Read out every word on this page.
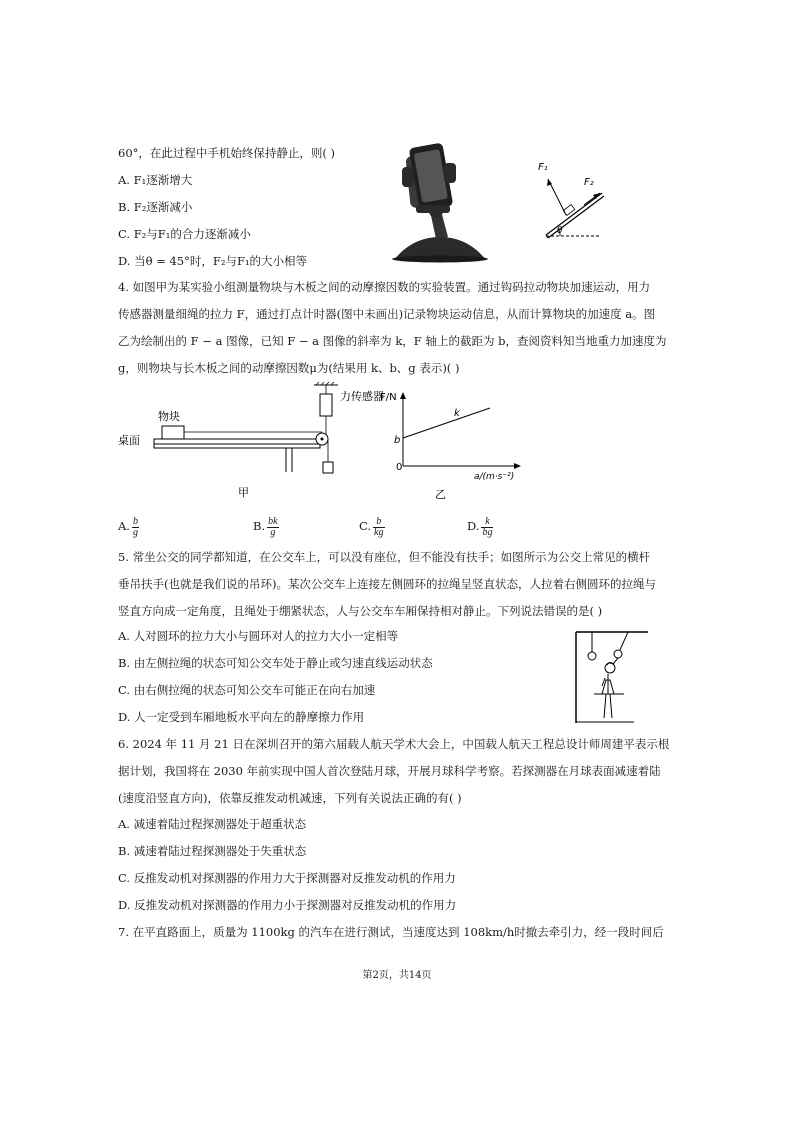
60°，在此过程中手机始终保持静止，则( )
A. F₁逐渐增大
B. F₂逐渐减小
C. F₂与F₁的合力逐渐减小
D. 当θ = 45°时，F₂与F₁的大小相等
F₁
F₂
θ
4. 如图甲为某实验小组测量物块与木板之间的动摩擦因数的实验装置。通过钩码拉动物块加速运动，用力
传感器测量细绳的拉力 F，通过打点计时器(图中未画出)记录物块运动信息，从而计算物块的加速度 a。图
乙为绘制出的 F − a 图像，已知 F − a 图像的斜率为 k，F 轴上的截距为 b，查阅资料知当地重力加速度为
g，则物块与长木板之间的动摩擦因数μ为(结果用 k、b、g 表示)( )
力传感器
物块
桌面
甲
F/N
k
b
0
a/(m·s⁻²)
乙
A. $\frac{b}{g}$	B. $\frac{bk}{g}$	C. $\frac{b}{kg}$	D. $\frac{k}{bg}$
5. 常坐公交的同学都知道，在公交车上，可以没有座位，但不能没有扶手；如图所示为公交上常见的横杆
垂吊扶手(也就是我们说的吊环)。某次公交车上连接左侧圆环的拉绳呈竖直状态，人拉着右侧圆环的拉绳与
竖直方向成一定角度，且绳处于绷紧状态，人与公交车车厢保持相对静止。下列说法错误的是( )
A. 人对圆环的拉力大小与圆环对人的拉力大小一定相等
B. 由左侧拉绳的状态可知公交车处于静止或匀速直线运动状态
C. 由右侧拉绳的状态可知公交车可能正在向右加速
D. 人一定受到车厢地板水平向左的静摩擦力作用
6. 2024 年 11 月 21 日在深圳召开的第六届载人航天学术大会上，中国载人航天工程总设计师周建平表示根
据计划，我国将在 2030 年前实现中国人首次登陆月球，开展月球科学考察。若探测器在月球表面减速着陆
(速度沿竖直方向)，依靠反推发动机减速，下列有关说法正确的有( )
A. 减速着陆过程探测器处于超重状态
B. 减速着陆过程探测器处于失重状态
C. 反推发动机对探测器的作用力大于探测器对反推发动机的作用力
D. 反推发动机对探测器的作用力小于探测器对反推发动机的作用力
7. 在平直路面上，质量为 1100kg 的汽车在进行测试，当速度达到 108km/h时撤去牵引力，经一段时间后
第2页，共14页
